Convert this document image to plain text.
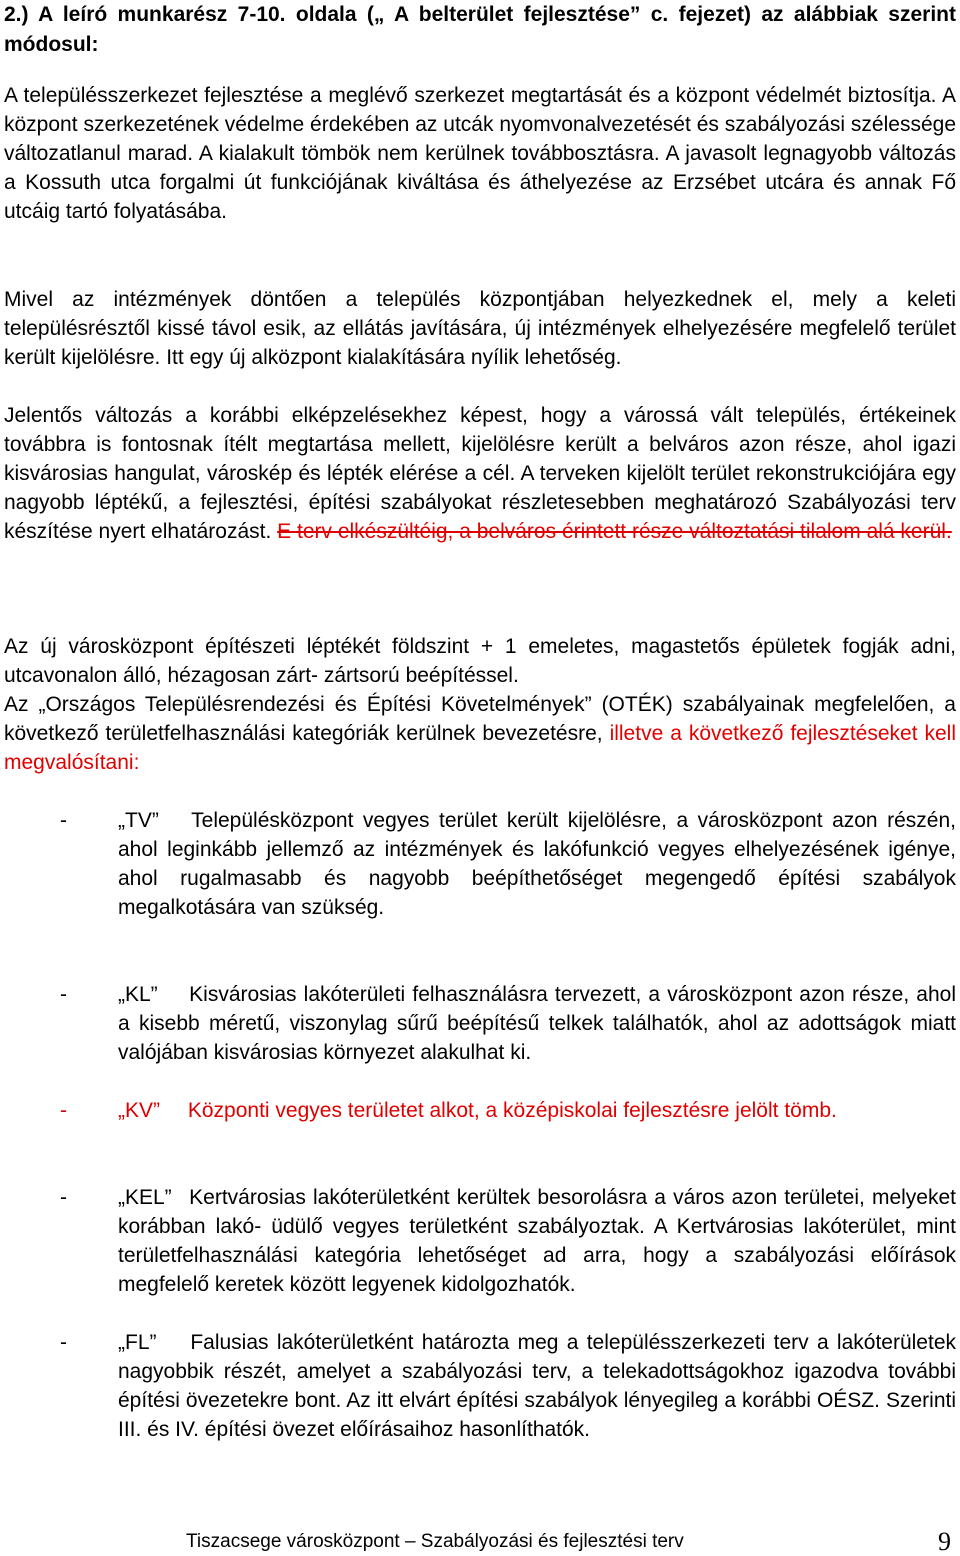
2.) A leíró munkarész 7-10. oldala („ A belterület fejlesztése” c. fejezet) az alábbiak szerint módosul:

A településszerkezet fejlesztése a meglévő szerkezet megtartását és a központ védelmét biztosítja. A központ szerkezetének védelme érdekében az utcák nyomvonalvezetését és szabályozási szélessége változatlanul marad. A kialakult tömbök nem kerülnek továbbosztásra. A javasolt legnagyobb változás a Kossuth utca forgalmi út funkciójának kiváltása és áthelyezése az Erzsébet utcára és annak Fő utcáig tartó folyatásába.

Mivel az intézmények döntően a település központjában helyezkednek el, mely a keleti településrésztől kissé távol esik, az ellátás javítására, új intézmények elhelyezésére megfelelő terület került kijelölésre. Itt egy új alközpont kialakítására nyílik lehetőség.

Jelentős változás a korábbi elképzelésekhez képest, hogy a várossá vált település, értékeinek továbbra is fontosnak ítélt megtartása mellett, kijelölésre került a belváros azon része, ahol igazi kisvárosias hangulat, városkép és lépték elérése a cél. A terveken kijelölt terület rekonstrukciójára egy nagyobb léptékű, a fejlesztési, építési szabályokat részletesebben meghatározó Szabályozási terv készítése nyert elhatározást. E terv elkészültéig, a belváros érintett része változtatási tilalom alá kerül.

Az új városközpont építészeti léptékét földszint + 1 emeletes, magastetős épületek fogják adni, utcavonalon álló, hézagosan zárt- zártsorú beépítéssel.

Az „Országos Településrendezési és Építési Követelmények” (OTÉK) szabályainak megfelelően, a következő területfelhasználási kategóriák kerülnek bevezetésre, illetve a következő fejlesztéseket kell megvalósítani:

- „TV” Településközpont vegyes terület került kijelölésre, a városközpont azon részén, ahol leginkább jellemző az intézmények és lakófunkció vegyes elhelyezésének igénye, ahol rugalmasabb és nagyobb beépíthetőséget megengedő építési szabályok megalkotására van szükség.
- „KL” Kisvárosias lakóterületi felhasználásra tervezett, a városközpont azon része, ahol a kisebb méretű, viszonylag sűrű beépítésű telkek találhatók, ahol az adottságok miatt valójában kisvárosias környezet alakulhat ki.
- „KV” Központi vegyes területet alkot, a középiskolai fejlesztésre jelölt tömb.
- „KEL” Kertvárosias lakóterületként kerültek besorolásra a város azon területei, melyeket korábban lakó- üdülő vegyes területként szabályoztak. A Kertvárosias lakóterület, mint területfelhasználási kategória lehetőséget ad arra, hogy a szabályozási előírások megfelelő keretek között legyenek kidolgozhatók.
- „FL” Falusias lakóterületként határozta meg a településszerkezeti terv a lakóterületek nagyobbik részét, amelyet a szabályozási terv, a telekadottságokhoz igazodva további építési övezetekre bont. Az itt elvárt építési szabályok lényegileg a korábbi OÉSZ. Szerinti III. és IV. építési övezet előírásaihoz hasonlíthatók.
Tiszacsege városközpont – Szabályozási és fejlesztési terv	9
